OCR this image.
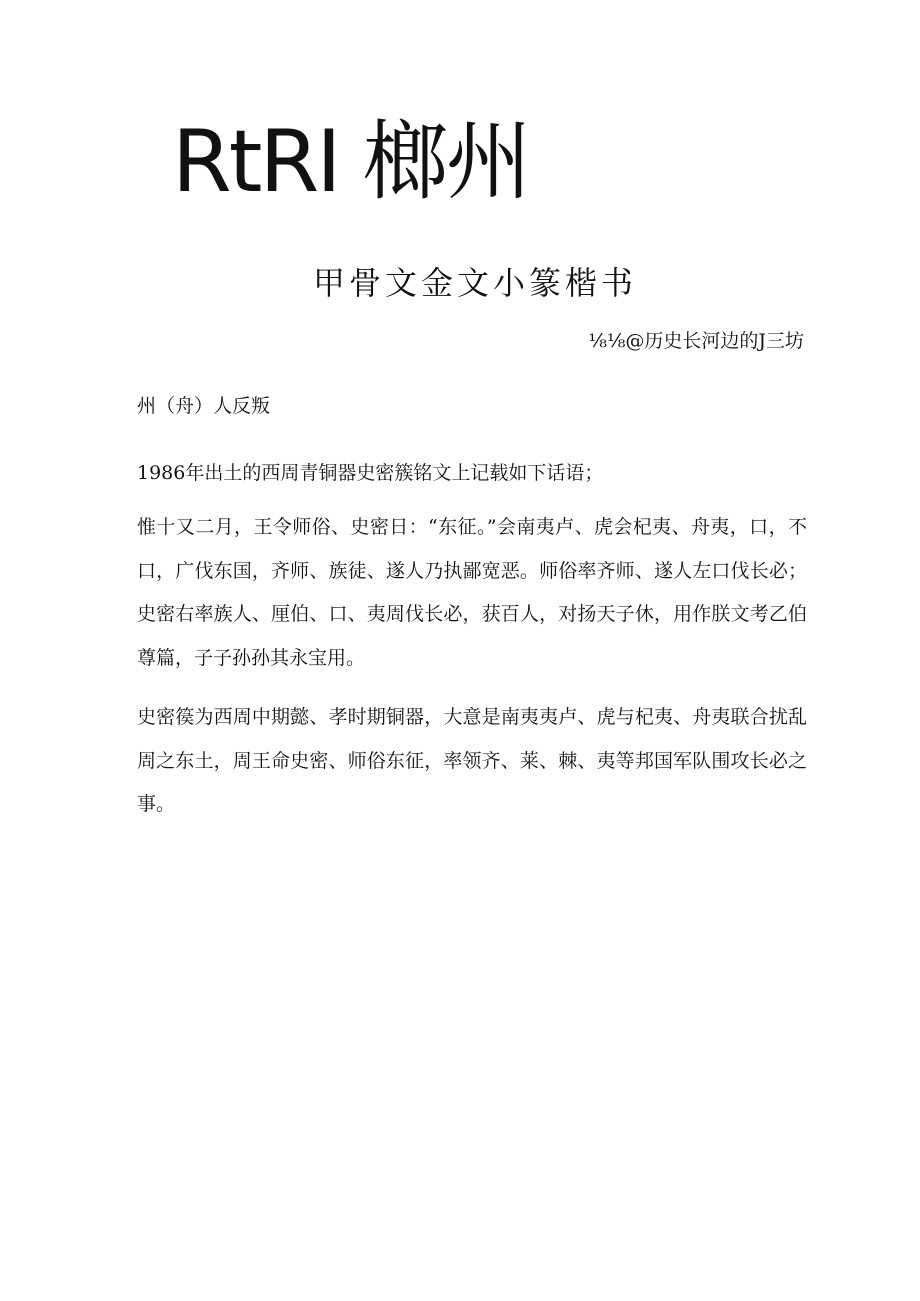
RtRI 榔州
甲骨文金文小篆楷书
⅛⅛@历史长河边的J三坊
州（舟）人反叛

1986年出土的西周青铜器史密簇铭文上记载如下话语；

惟十又二月，王令师俗、史密日：“东征。”会南夷卢、虎会杞夷、舟夷，口，不口，广伐东国，齐师、族徒、遂人乃执鄙宽恶。师俗率齐师、遂人左口伐长必；史密右率族人、厘伯、口、夷周伐长必，获百人，对扬天子休，用作朕文考乙伯尊篇，子子孙孙其永宝用。

史密篌为西周中期懿、孝时期铜器，大意是南夷夷卢、虎与杞夷、舟夷联合扰乱周之东土，周王命史密、师俗东征，率领齐、莱、棘、夷等邦国军队围攻长必之事。
